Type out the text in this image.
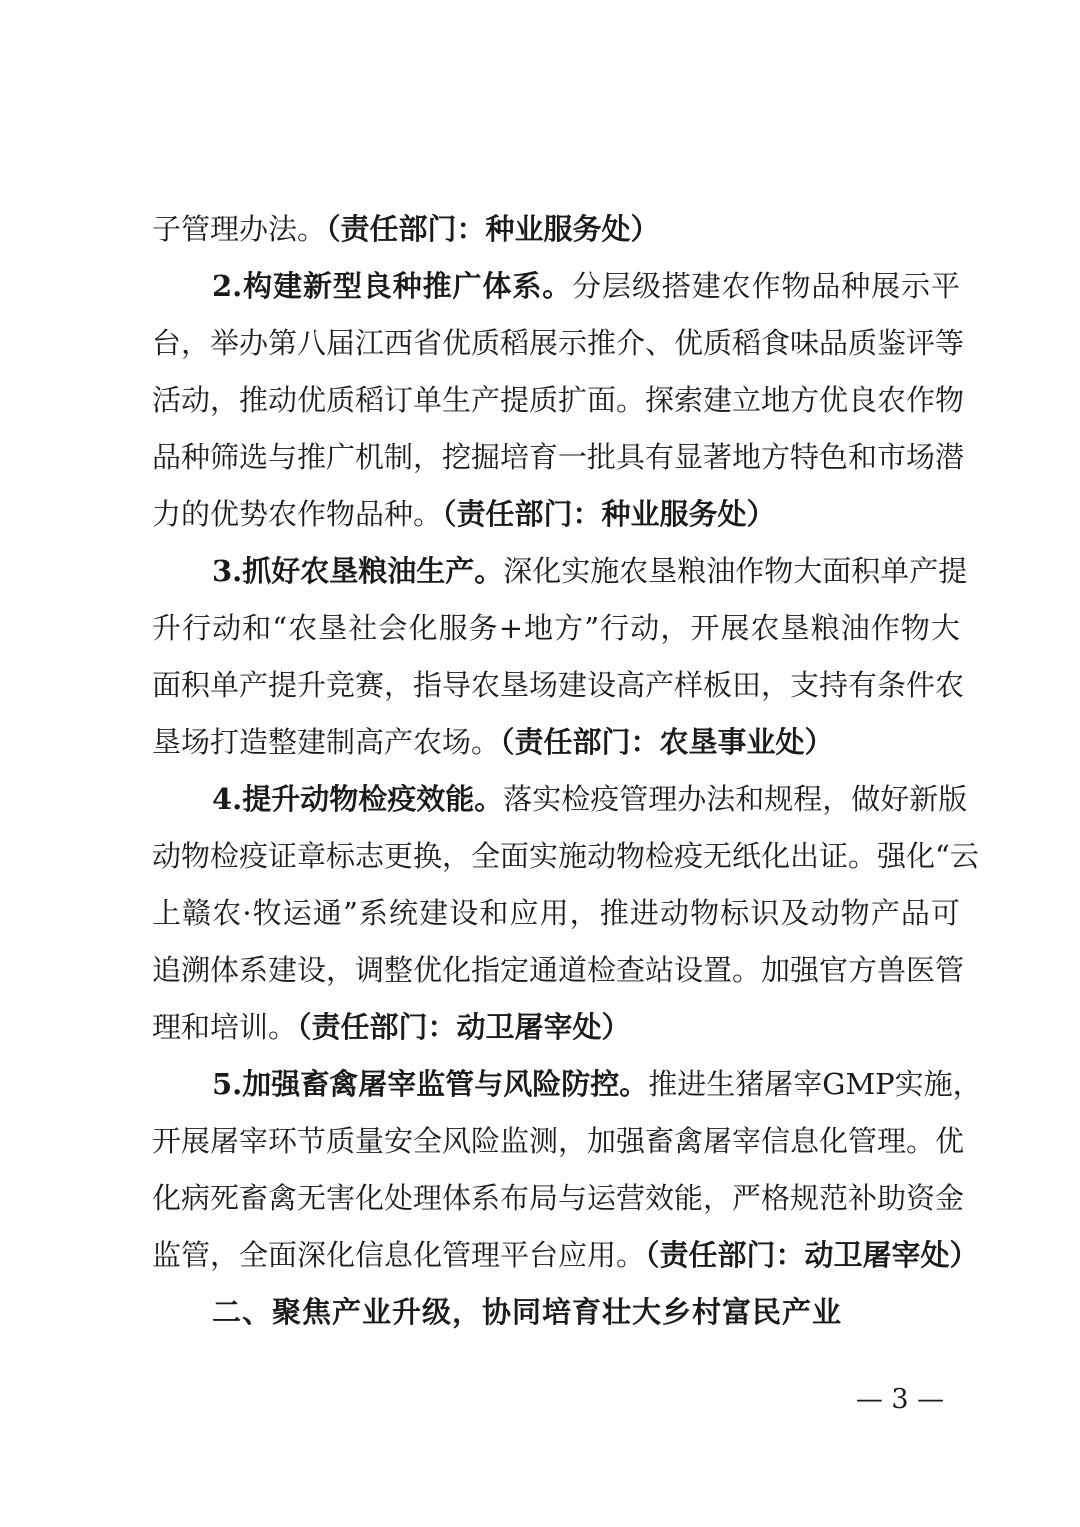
子管理办法。（责任部门：种业服务处）
2.构建新型良种推广体系。分层级搭建农作物品种展示平
台，举办第八届江西省优质稻展示推介、优质稻食味品质鉴评等
活动，推动优质稻订单生产提质扩面。探索建立地方优良农作物
品种筛选与推广机制，挖掘培育一批具有显著地方特色和市场潜
力的优势农作物品种。（责任部门：种业服务处）
3.抓好农垦粮油生产。深化实施农垦粮油作物大面积单产提
升行动和“农垦社会化服务+地方”行动，开展农垦粮油作物大
面积单产提升竞赛，指导农垦场建设高产样板田，支持有条件农
垦场打造整建制高产农场。（责任部门：农垦事业处）
4.提升动物检疫效能。落实检疫管理办法和规程，做好新版
动物检疫证章标志更换，全面实施动物检疫无纸化出证。强化“云
上赣农·牧运通”系统建设和应用，推进动物标识及动物产品可
追溯体系建设，调整优化指定通道检查站设置。加强官方兽医管
理和培训。（责任部门：动卫屠宰处）
5.加强畜禽屠宰监管与风险防控。推进生猪屠宰GMP实施，
开展屠宰环节质量安全风险监测，加强畜禽屠宰信息化管理。优
化病死畜禽无害化处理体系布局与运营效能，严格规范补助资金
监管，全面深化信息化管理平台应用。（责任部门：动卫屠宰处）
二、聚焦产业升级，协同培育壮大乡村富民产业
— 3 —
